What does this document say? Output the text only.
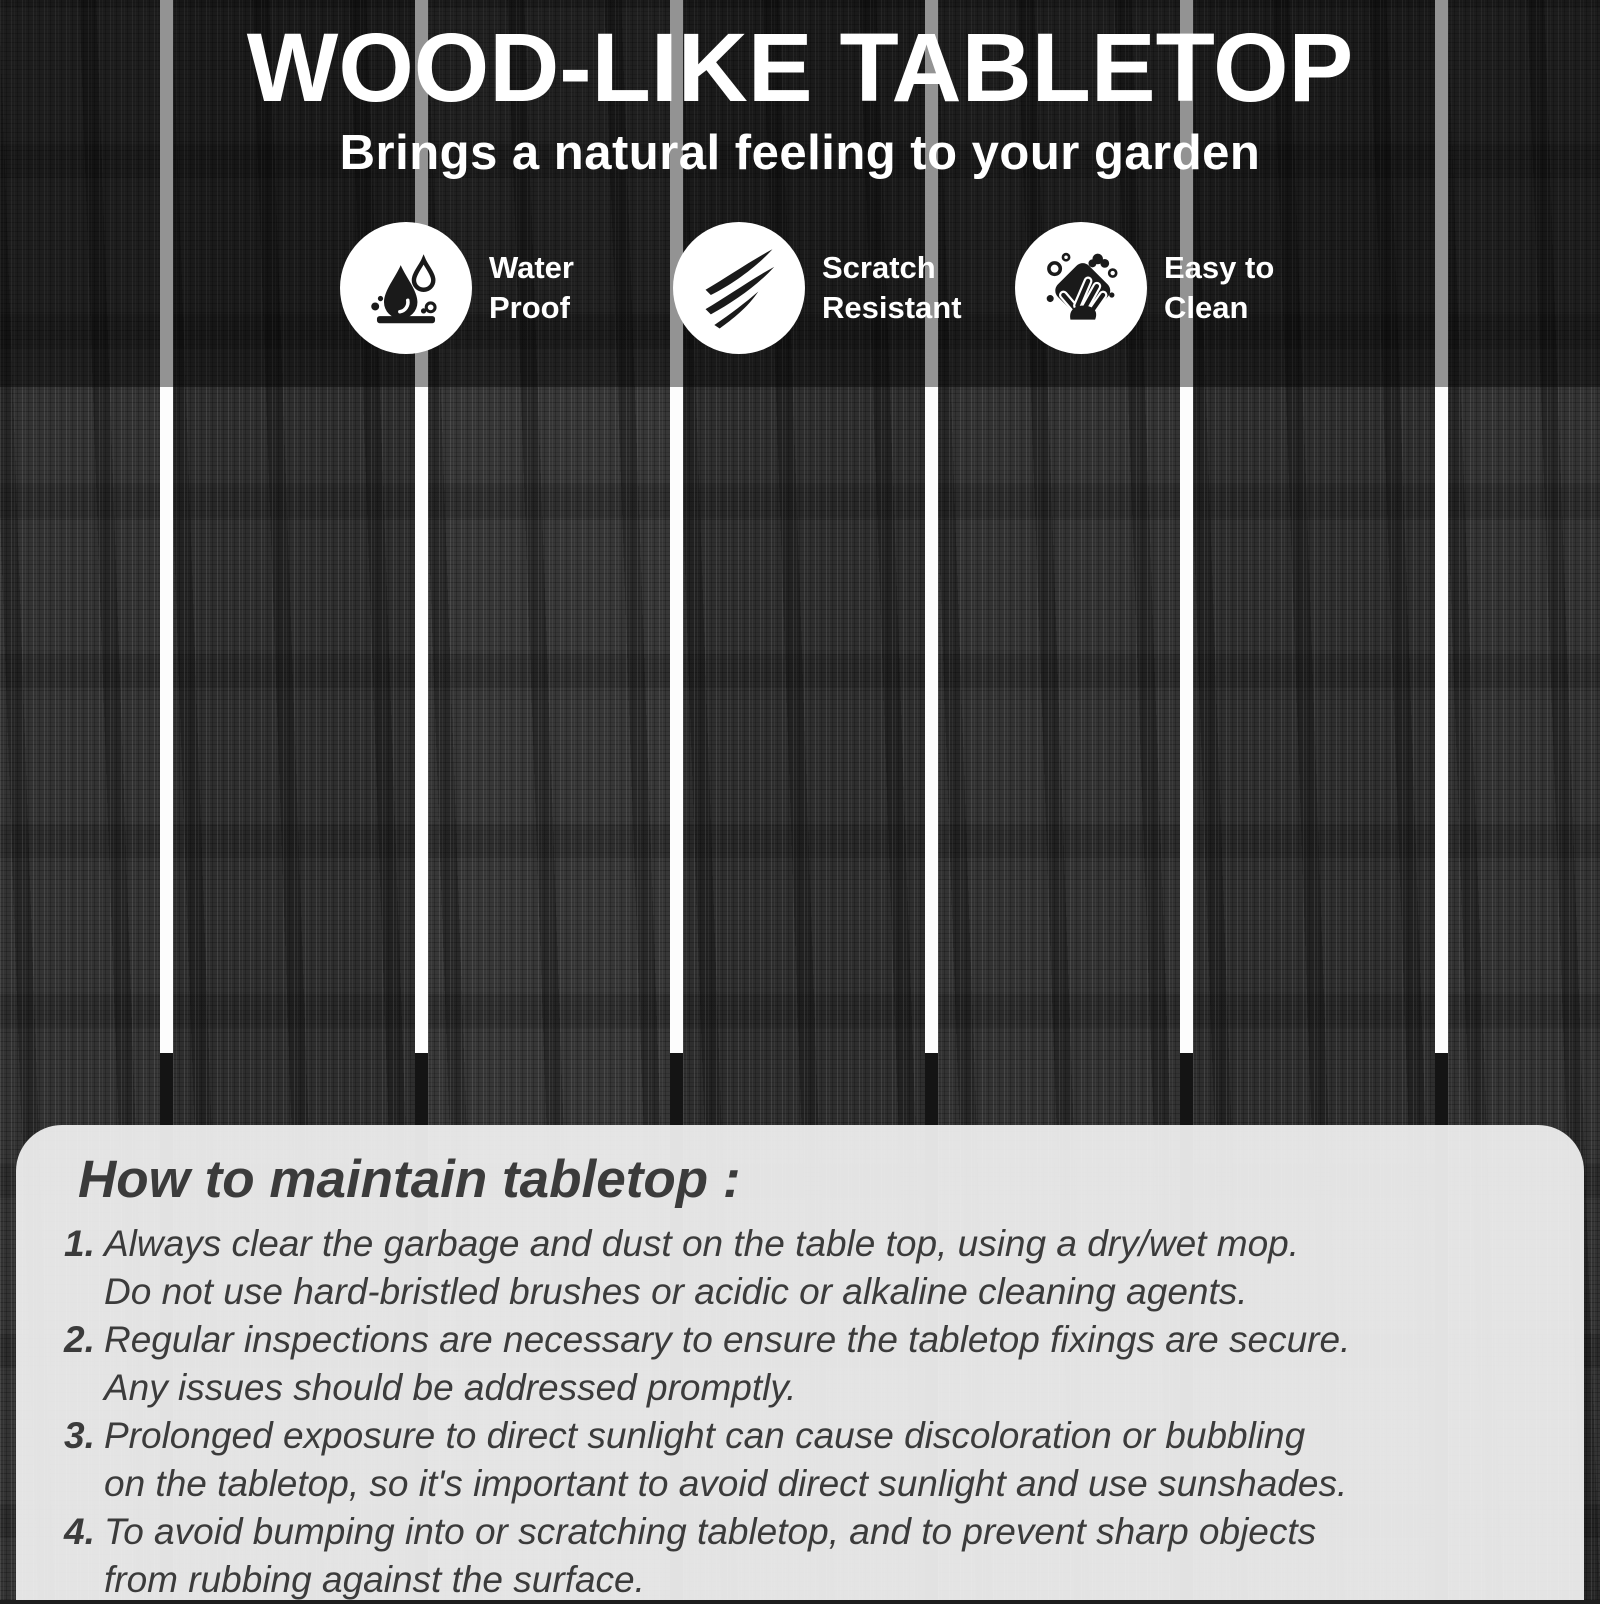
WOOD-LIKE TABLETOP
Brings a natural feeling to your garden
Water
Proof
Scratch
Resistant
Easy to
Clean
How to maintain tabletop :
1. Always clear the garbage and dust on the table top, using a dry/wet mop.
Do not use hard-bristled brushes or acidic or alkaline cleaning agents.
2. Regular inspections are necessary to ensure the tabletop fixings are secure.
Any issues should be addressed promptly.
3. Prolonged exposure to direct sunlight can cause discoloration or bubbling
on the tabletop, so it's important to avoid direct sunlight and use sunshades.
4. To avoid bumping into or scratching tabletop, and to prevent sharp objects
from rubbing against the surface.
